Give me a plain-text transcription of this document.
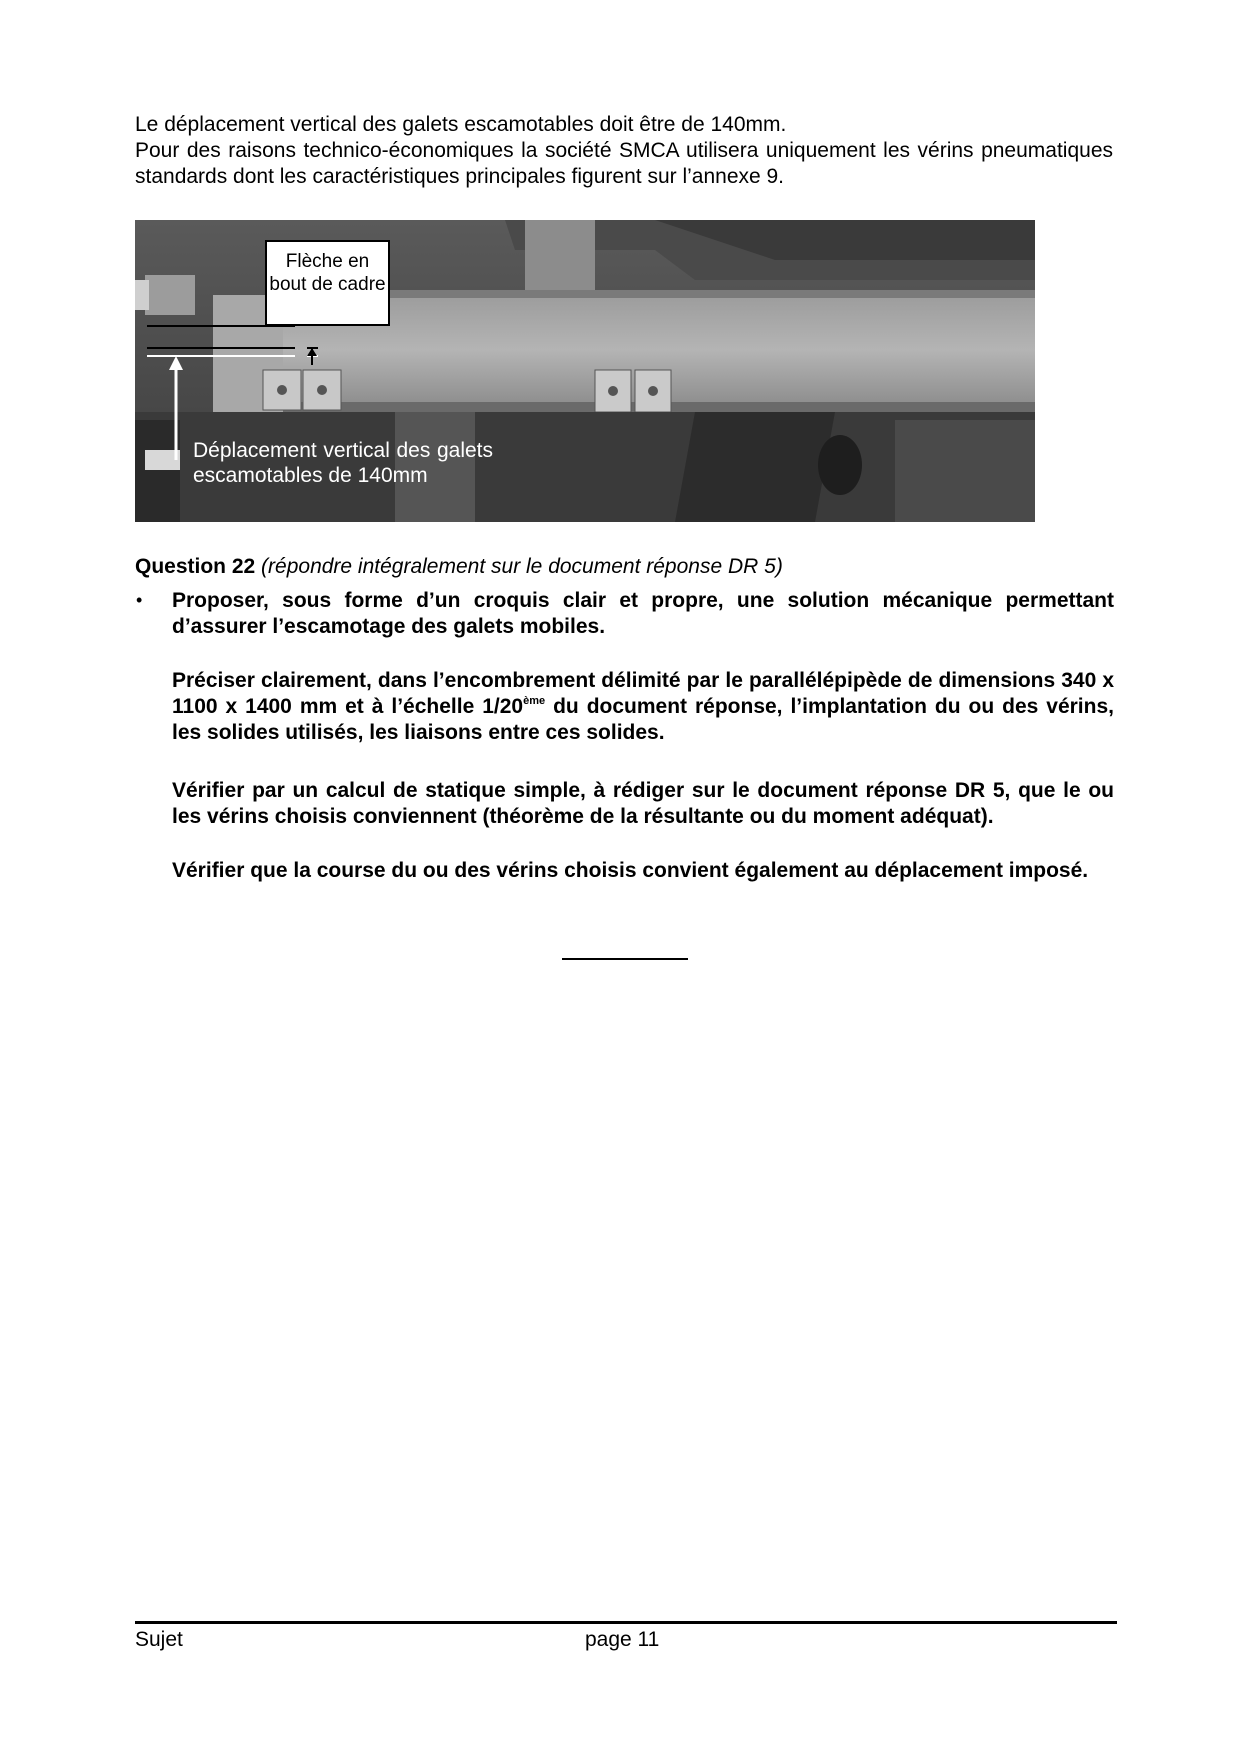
Le déplacement vertical des galets escamotables doit être de 140mm.
Pour des raisons technico-économiques la société SMCA utilisera uniquement les vérins pneumatiques standards dont les caractéristiques principales figurent sur l’annexe 9.

Flèche en
bout de cadre

Déplacement vertical des galets escamotables de 140mm

Question 22 (répondre intégralement sur le document réponse DR 5)

• Proposer, sous forme d’un croquis clair et propre, une solution mécanique permettant d’assurer l’escamotage des galets mobiles.

Préciser clairement, dans l’encombrement délimité par le parallélépipède de dimensions 340 x 1100 x 1400 mm et à l’échelle 1/20ème du document réponse, l’implantation du ou des vérins, les solides utilisés, les liaisons entre ces solides.

Vérifier par un calcul de statique simple, à rédiger sur le document réponse DR 5, que le ou les vérins choisis conviennent (théorème de la résultante ou du moment adéquat).

Vérifier que la course du ou des vérins choisis convient également au déplacement imposé.

Sujet	page 11
